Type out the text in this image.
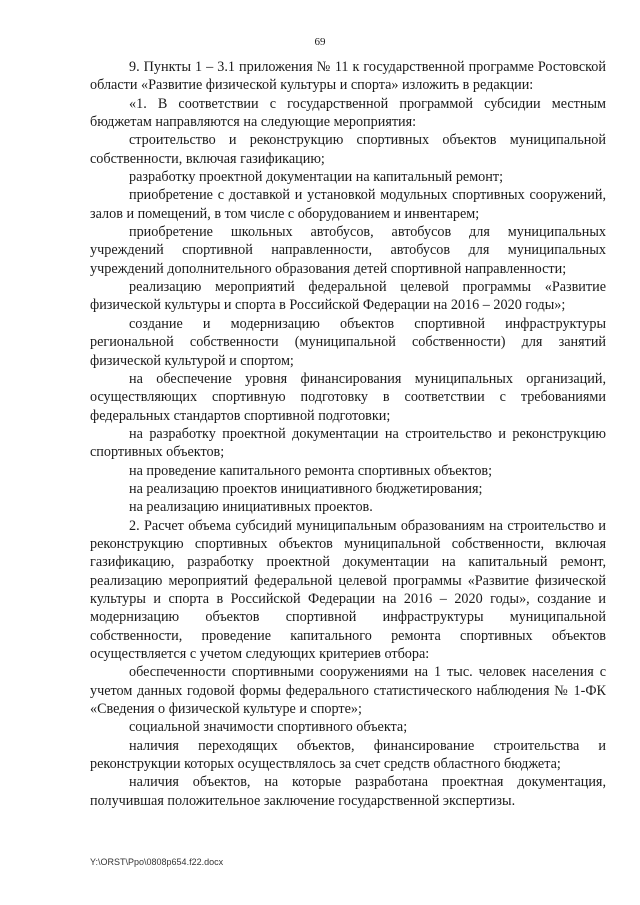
69

9. Пункты 1 – 3.1 приложения № 11 к государственной программе Ростовской области «Развитие физической культуры и спорта» изложить в редакции:

«1. В соответствии с государственной программой субсидии местным бюджетам направляются на следующие мероприятия:

строительство и реконструкцию спортивных объектов муниципальной собственности, включая газификацию;

разработку проектной документации на капитальный ремонт;

приобретение с доставкой и установкой модульных спортивных сооружений, залов и помещений, в том числе с оборудованием и инвентарем;

приобретение школьных автобусов, автобусов для муниципальных учреждений спортивной направленности, автобусов для муниципальных учреждений дополнительного образования детей спортивной направленности;

реализацию мероприятий федеральной целевой программы «Развитие физической культуры и спорта в Российской Федерации на 2016 – 2020 годы»;

создание и модернизацию объектов спортивной инфраструктуры региональной собственности (муниципальной собственности) для занятий физической культурой и спортом;

на обеспечение уровня финансирования муниципальных организаций, осуществляющих спортивную подготовку в соответствии с требованиями федеральных стандартов спортивной подготовки;

на разработку проектной документации на строительство и реконструкцию спортивных объектов;

на проведение капитального ремонта спортивных объектов;

на реализацию проектов инициативного бюджетирования;

на реализацию инициативных проектов.

2. Расчет объема субсидий муниципальным образованиям на строительство и реконструкцию спортивных объектов муниципальной собственности, включая газификацию, разработку проектной документации на капитальный ремонт, реализацию мероприятий федеральной целевой программы «Развитие физической культуры и спорта в Российской Федерации на 2016 – 2020 годы», создание и модернизацию объектов спортивной инфраструктуры муниципальной собственности, проведение капитального ремонта спортивных объектов осуществляется с учетом следующих критериев отбора:

обеспеченности спортивными сооружениями на 1 тыс. человек населения с учетом данных годовой формы федерального статистического наблюдения № 1-ФК «Сведения о физической культуре и спорте»;

социальной значимости спортивного объекта;

наличия переходящих объектов, финансирование строительства и реконструкции которых осуществлялось за счет средств областного бюджета;

наличия объектов, на которые разработана проектная документация, получившая положительное заключение государственной экспертизы.

Y:\ORST\Ppo\0808p654.f22.docx
